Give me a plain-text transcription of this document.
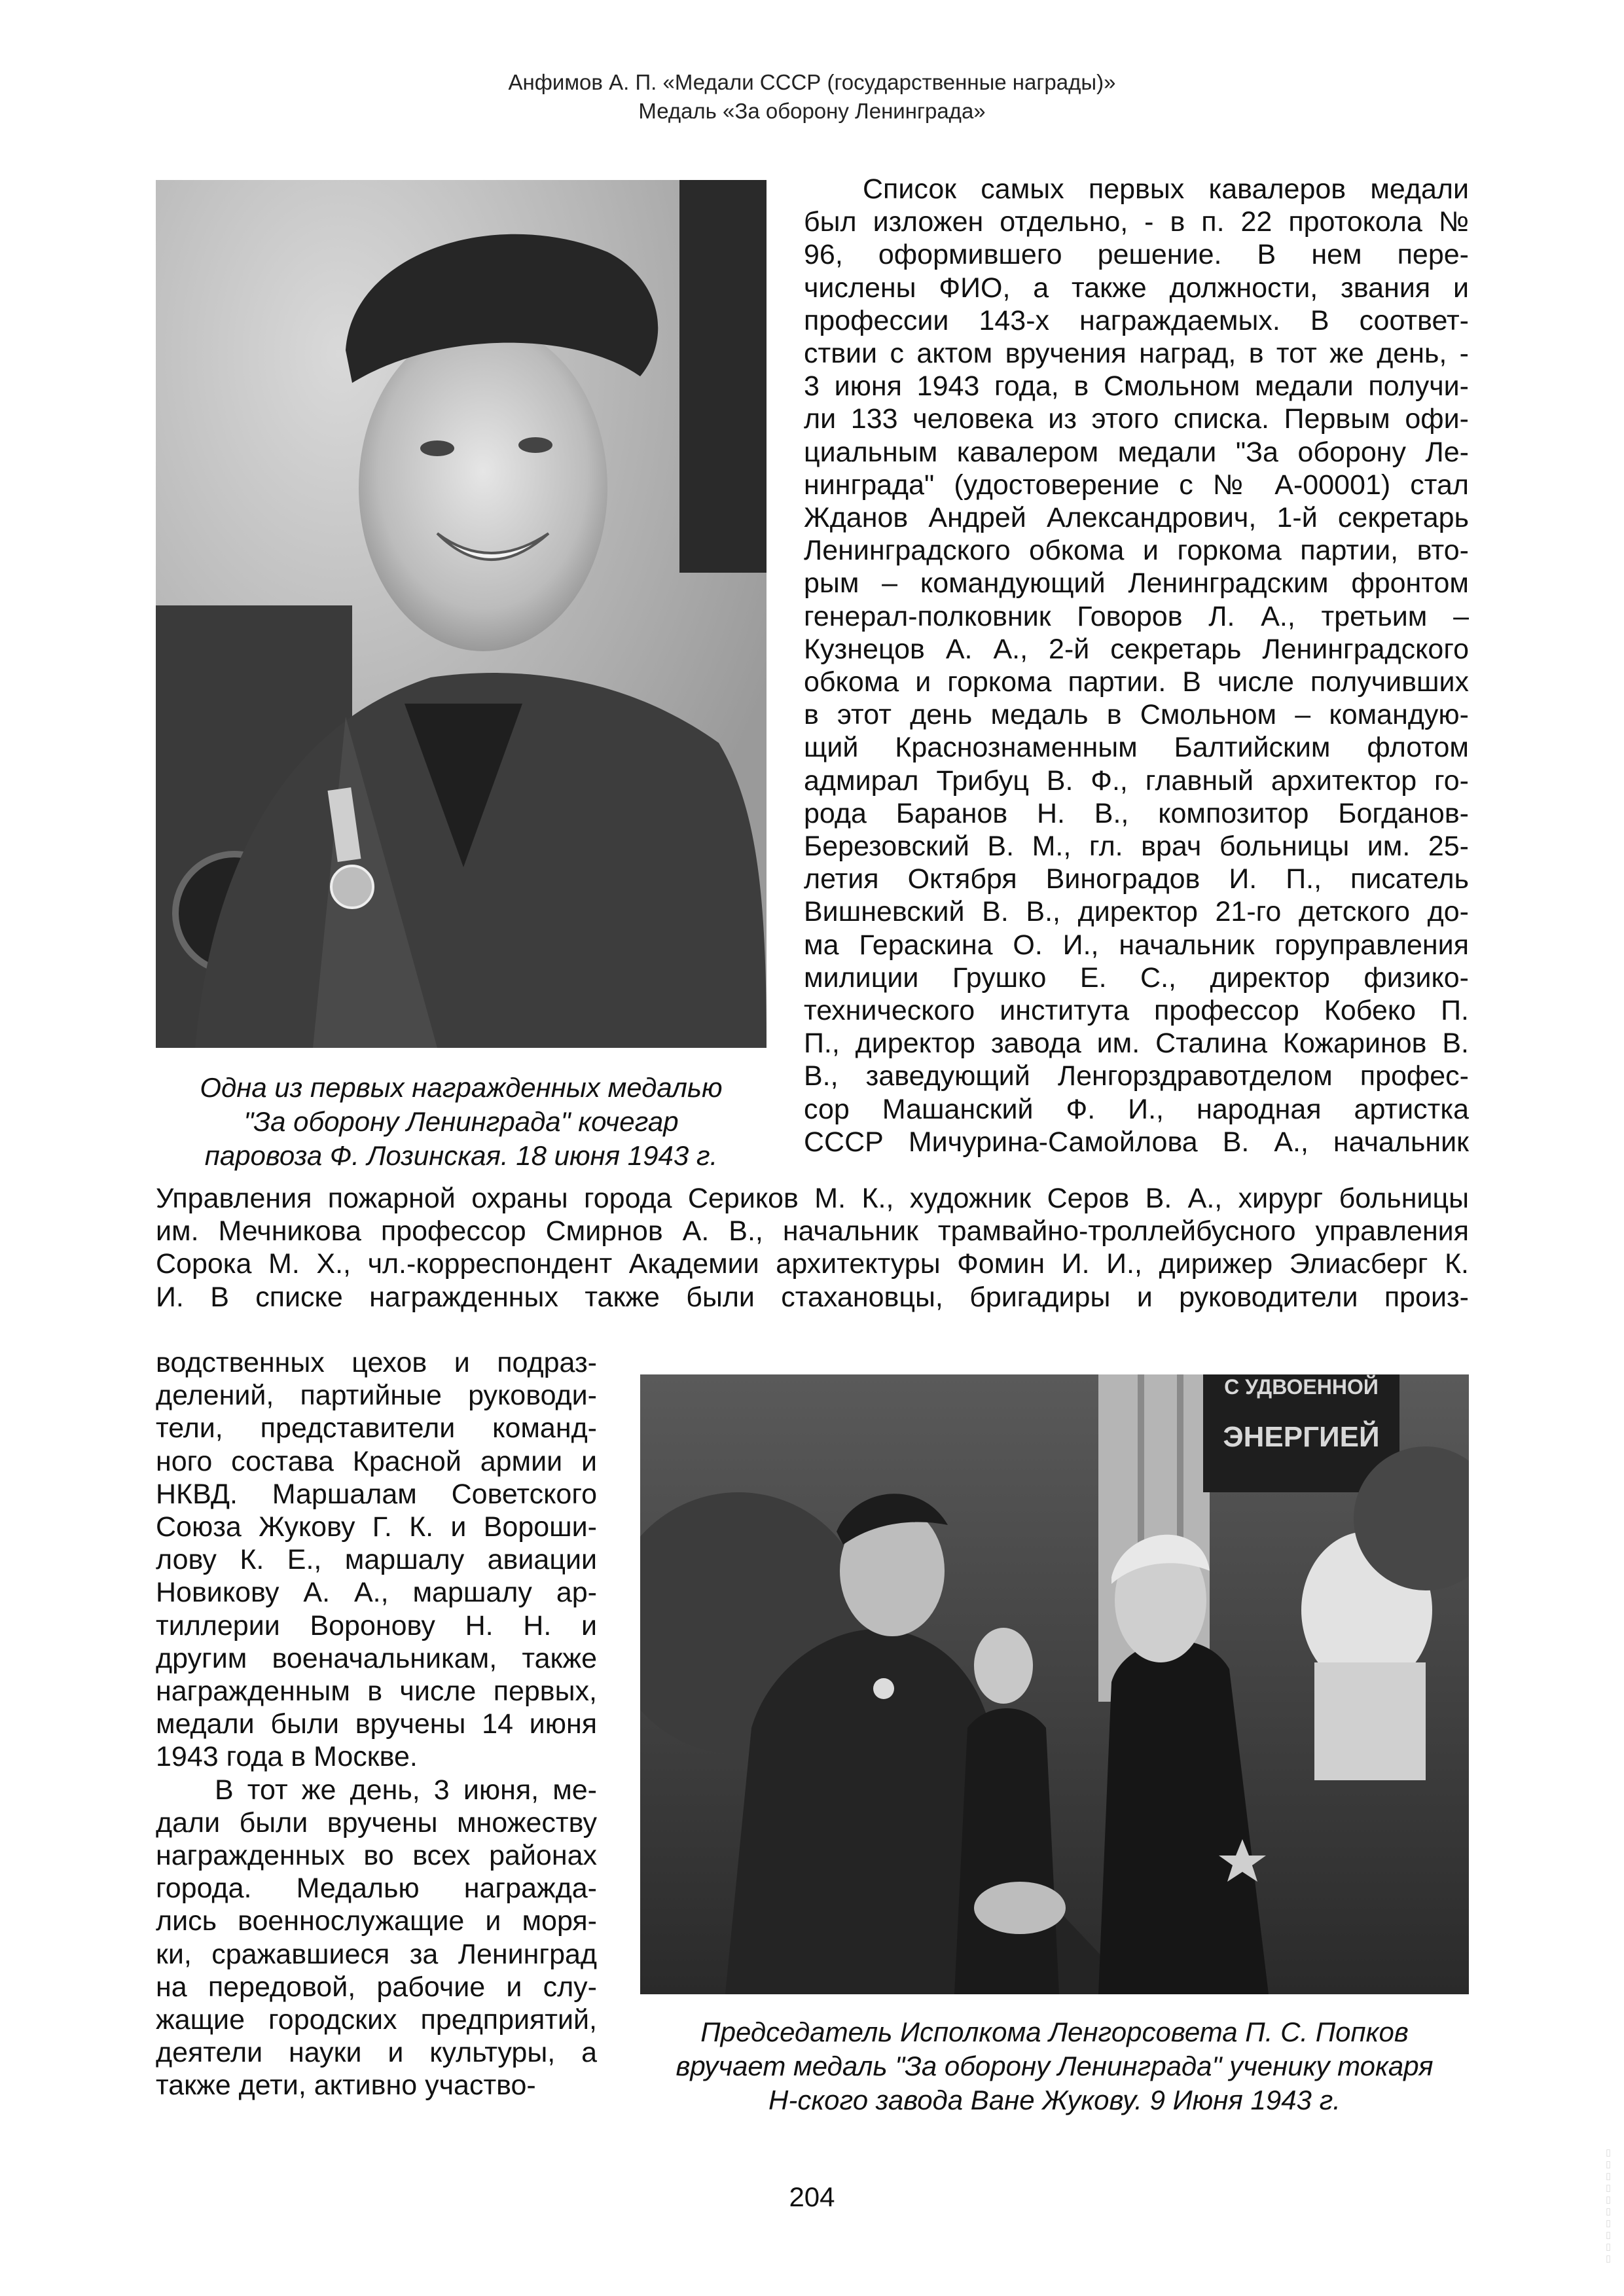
Анфимов А. П. «Медали СССР (государственные награды)»
Медаль «За оборону Ленинграда»
Одна из первых награжденных медалью
"За оборону Ленинграда" кочегар
паровоза Ф. Лозинская. 18 июня 1943 г.
Список самых первых кавалеров медали
был изложен отдельно, - в п. 22 протокола №
96, оформившего решение. В нем пере-
числены ФИО, а также должности, звания и
профессии 143-х награждаемых. В соответ-
ствии с актом вручения наград, в тот же день, -
3 июня 1943 года, в Смольном медали получи-
ли 133 человека из этого списка. Первым офи-
циальным кавалером медали "За оборону Ле-
нинграда" (удостоверение с № А-00001) стал
Жданов Андрей Александрович, 1-й секретарь
Ленинградского обкома и горкома партии, вто-
рым – командующий Ленинградским фронтом
генерал-полковник Говоров Л. А., третьим –
Кузнецов А. А., 2-й секретарь Ленинградского
обкома и горкома партии. В числе получивших
в этот день медаль в Смольном – командую-
щий Краснознаменным Балтийским флотом
адмирал Трибуц В. Ф., главный архитектор го-
рода Баранов Н. В., композитор Богданов-
Березовский В. М., гл. врач больницы им. 25-
летия Октября Виноградов И. П., писатель
Вишневский В. В., директор 21-го детского до-
ма Гераскина О. И., начальник горуправления
милиции Грушко Е. С., директор физико-
технического института профессор Кобеко П.
П., директор завода им. Сталина Кожаринов В.
В., заведующий Ленгорздравотделом профес-
сор Машанский Ф. И., народная артистка
СССР Мичурина-Самойлова В. А., начальник
Управления пожарной охраны города Сериков М. К., художник Серов В. А., хирург больницы
им. Мечникова профессор Смирнов А. В., начальник трамвайно-троллейбусного управления
Сорока М. Х., чл.-корреспондент Академии архитектуры Фомин И. И., дирижер Элиасберг К.
И. В списке награжденных также были стахановцы, бригадиры и руководители произ-
водственных цехов и подраз-
делений, партийные руководи-
тели, представители команд-
ного состава Красной армии и
НКВД. Маршалам Советского
Союза Жукову Г. К. и Вороши-
лову К. Е., маршалу авиации
Новикову А. А., маршалу ар-
тиллерии Воронову Н. Н. и
другим военачальникам, также
награжденным в числе первых,
медали были вручены 14 июня
1943 года в Москве.
В тот же день, 3 июня, ме-
дали были вручены множеству
награжденных во всех районах
города. Медалью награжда-
лись военнослужащие и моря-
ки, сражавшиеся за Ленинград
на передовой, рабочие и слу-
жащие городских предприятий,
деятели науки и культуры, а
также дети, активно участво-
С УДВОЕННОЙ
ЭНЕРГИЕЙ
Председатель Исполкома Ленгорсовета П. С. Попков
вручает медаль "За оборону Ленинграда" ученику токаря
Н-ского завода Ване Жукову. 9 Июня 1943 г.
204	▯▯▯▯▯▯▯▯▯▯
